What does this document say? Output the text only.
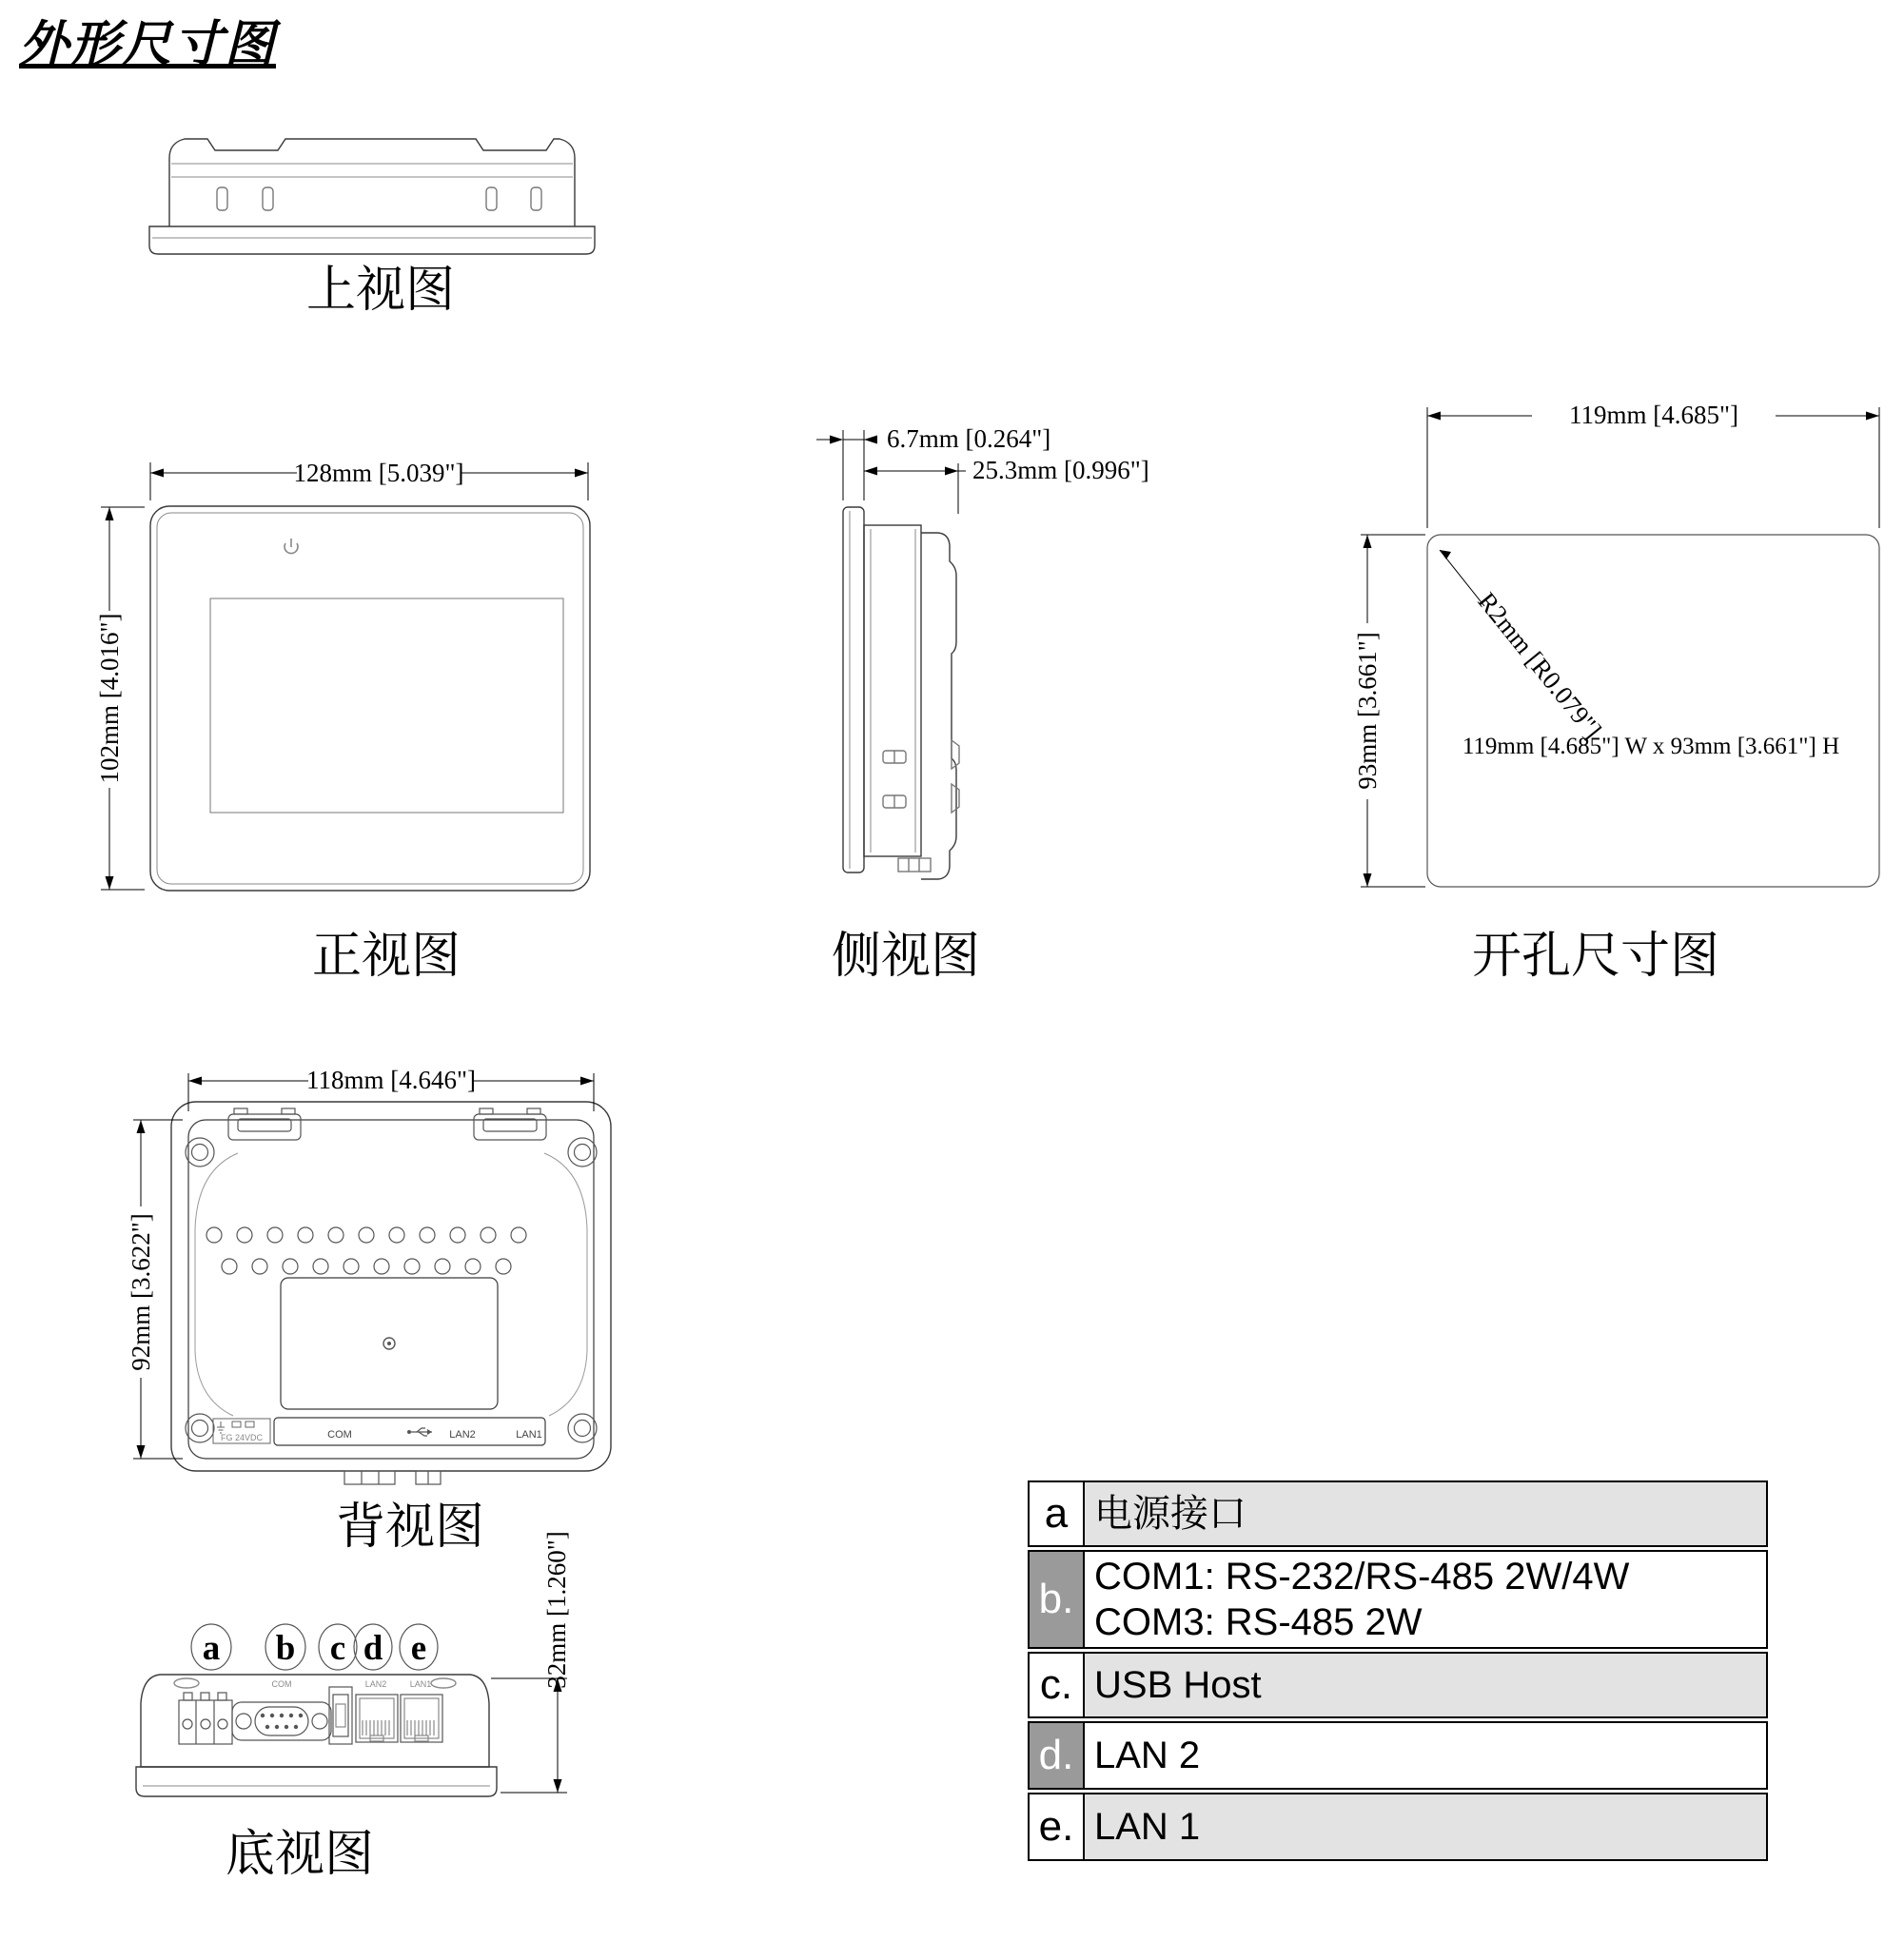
外形尺寸图
上视图
128mm [5.039"]
102mm [4.016"]
正视图
6.7mm [0.264"]
25.3mm [0.996"]
侧视图
119mm [4.685"]
93mm [3.661"]	R2mm [R0.079"]
119mm [4.685"] W x 93mm [3.661"] H
开孔尺寸图
FG 24VDC	COM	LAN2	LAN1
118mm [4.646"]
92mm [3.622"]
背视图
a b c d e
COM	LAN2	LAN1	32mm [1.260"]
底视图
a 电源接口
b. COM1: RS-232/RS-485 2W/4W
COM3: RS-485 2W
c. USB Host
d. LAN 2
e. LAN 1
